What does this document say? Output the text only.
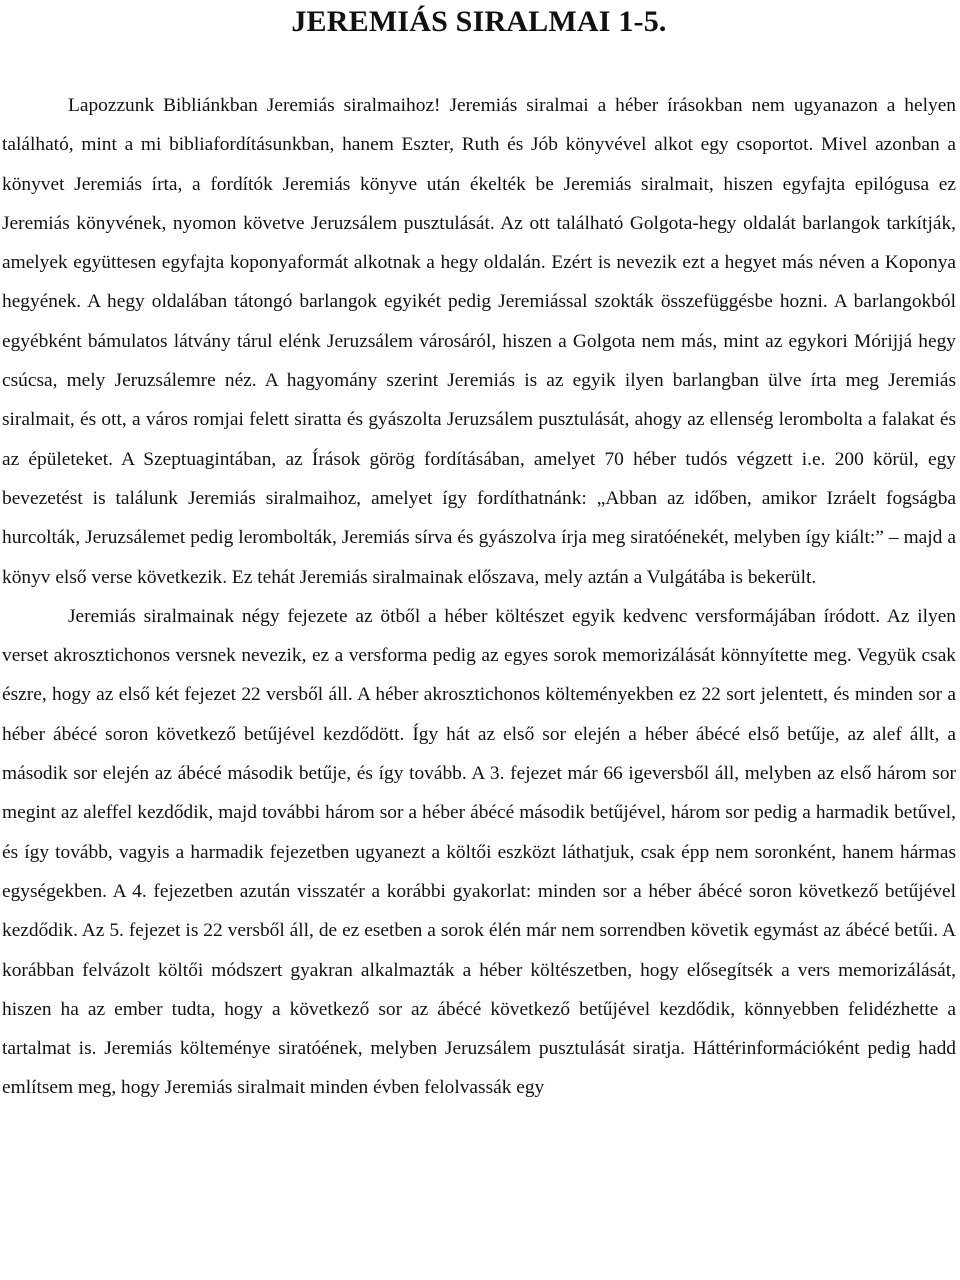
JEREMIÁS SIRALMAI 1-5.

Lapozzunk Bibliánkban Jeremiás siralmaihoz! Jeremiás siralmai a héber írásokban nem ugyanazon a helyen található, mint a mi bibliafordításunkban, hanem Eszter, Ruth és Jób könyvével alkot egy csoportot. Mivel azonban a könyvet Jeremiás írta, a fordítók Jeremiás könyve után ékelték be Jeremiás siralmait, hiszen egyfajta epilógusa ez Jeremiás könyvének, nyomon követve Jeruzsálem pusztulását. Az ott található Golgota-hegy oldalát barlangok tarkítják, amelyek együttesen egyfajta koponyaformát alkotnak a hegy oldalán. Ezért is nevezik ezt a hegyet más néven a Koponya hegyének. A hegy oldalában tátongó barlangok egyikét pedig Jeremiással szokták összefüggésbe hozni. A barlangokból egyébként bámulatos látvány tárul elénk Jeruzsálem városáról, hiszen a Golgota nem más, mint az egykori Mórijjá hegy csúcsa, mely Jeruzsálemre néz. A hagyomány szerint Jeremiás is az egyik ilyen barlangban ülve írta meg Jeremiás siralmait, és ott, a város romjai felett siratta és gyászolta Jeruzsálem pusztulását, ahogy az ellenség lerombolta a falakat és az épületeket. A Szeptuagintában, az Írások görög fordításában, amelyet 70 héber tudós végzett i.e. 200 körül, egy bevezetést is találunk Jeremiás siralmaihoz, amelyet így fordíthatnánk: „Abban az időben, amikor Izráelt fogságba hurcolták, Jeruzsálemet pedig lerombolták, Jeremiás sírva és gyászolva írja meg siratóénekét, melyben így kiált:” – majd a könyv első verse következik. Ez tehát Jeremiás siralmainak előszava, mely aztán a Vulgátába is bekerült.

Jeremiás siralmainak négy fejezete az ötből a héber költészet egyik kedvenc versformájában íródott. Az ilyen verset akrosztichonos versnek nevezik, ez a versforma pedig az egyes sorok memorizálását könnyítette meg. Vegyük csak észre, hogy az első két fejezet 22 versből áll. A héber akrosztichonos költeményekben ez 22 sort jelentett, és minden sor a héber ábécé soron következő betűjével kezdődött. Így hát az első sor elején a héber ábécé első betűje, az alef állt, a második sor elején az ábécé második betűje, és így tovább. A 3. fejezet már 66 igeversből áll, melyben az első három sor megint az aleffel kezdődik, majd további három sor a héber ábécé második betűjével, három sor pedig a harmadik betűvel, és így tovább, vagyis a harmadik fejezetben ugyanezt a költői eszközt láthatjuk, csak épp nem soronként, hanem hármas egységekben. A 4. fejezetben azután visszatér a korábbi gyakorlat: minden sor a héber ábécé soron következő betűjével kezdődik. Az 5. fejezet is 22 versből áll, de ez esetben a sorok élén már nem sorrendben követik egymást az ábécé betűi. A korábban felvázolt költői módszert gyakran alkalmazták a héber költészetben, hogy elősegítsék a vers memorizálását, hiszen ha az ember tudta, hogy a következő sor az ábécé következő betűjével kezdődik, könnyebben felidézhette a tartalmat is. Jeremiás költeménye siratóének, melyben Jeruzsálem pusztulását siratja. Háttérinformációként pedig hadd említsem meg, hogy Jeremiás siralmait minden évben felolvassák egy
